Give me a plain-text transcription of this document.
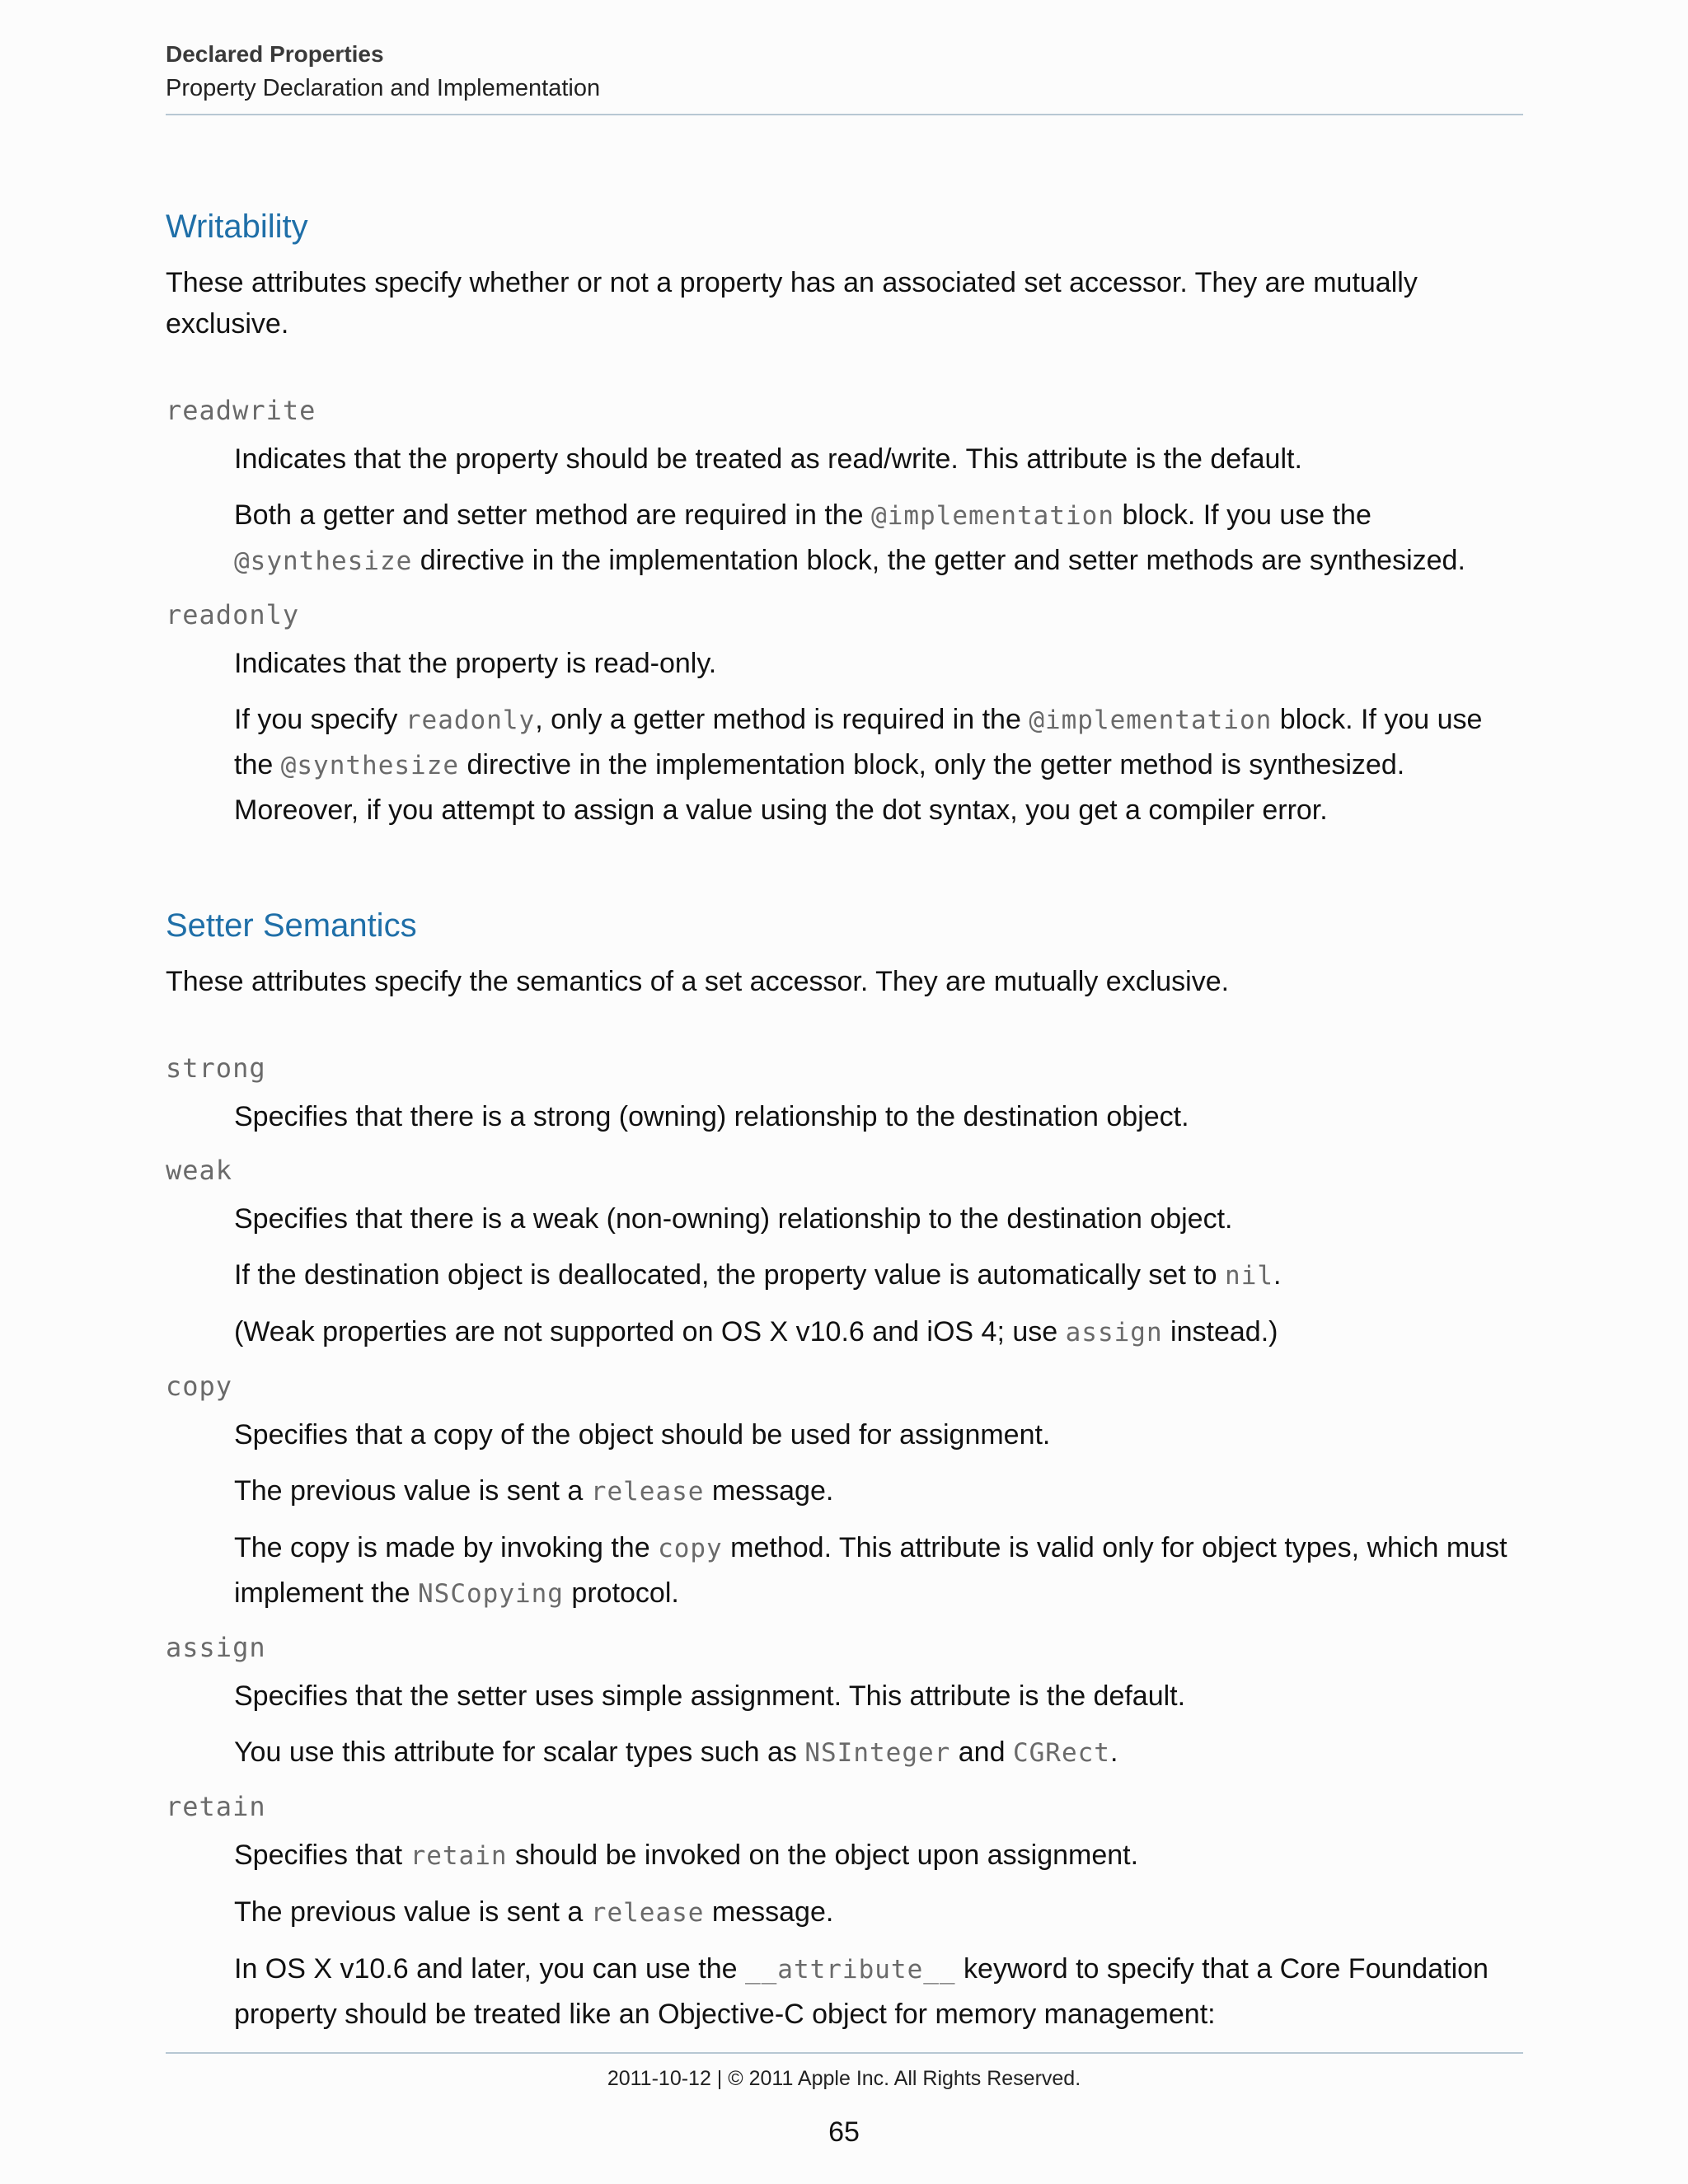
Declared Properties
Property Declaration and Implementation
Writability
These attributes specify whether or not a property has an associated set accessor. They are mutually exclusive.
readwrite

Indicates that the property should be treated as read/write. This attribute is the default.

Both a getter and setter method are required in the @implementation block. If you use the @synthesize directive in the implementation block, the getter and setter methods are synthesized.

readonly

Indicates that the property is read-only.

If you specify readonly, only a getter method is required in the @implementation block. If you use the @synthesize directive in the implementation block, only the getter method is synthesized. Moreover, if you attempt to assign a value using the dot syntax, you get a compiler error.

Setter Semantics
These attributes specify the semantics of a set accessor. They are mutually exclusive.
strong

Specifies that there is a strong (owning) relationship to the destination object.

weak

Specifies that there is a weak (non-owning) relationship to the destination object.

If the destination object is deallocated, the property value is automatically set to nil.

(Weak properties are not supported on OS X v10.6 and iOS 4; use assign instead.)

copy

Specifies that a copy of the object should be used for assignment.

The previous value is sent a release message.

The copy is made by invoking the copy method. This attribute is valid only for object types, which must implement the NSCopying protocol.

assign

Specifies that the setter uses simple assignment. This attribute is the default.

You use this attribute for scalar types such as NSInteger and CGRect.

retain

Specifies that retain should be invoked on the object upon assignment.

The previous value is sent a release message.

In OS X v10.6 and later, you can use the __attribute__ keyword to specify that a Core Foundation property should be treated like an Objective-C object for memory management:

2011-10-12 | © 2011 Apple Inc. All Rights Reserved.
65
